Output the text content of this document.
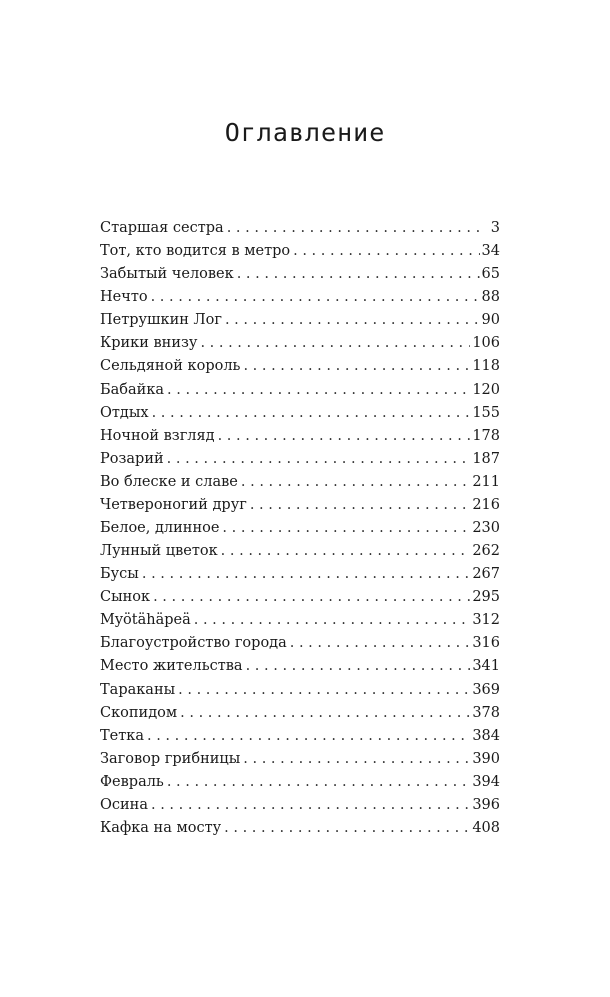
Оглавление
Старшая сестра . . .	3
Тот, кто водится в метро . . .	34
Забытый человек . . .	65
Нечто . . .	88
Петрушкин Лог . . .	90
Крики внизу . . .	106
Сельдяной король . . .	118
Бабайка . . .	120
Отдых . . .	155
Ночной взгляд . . .	178
Розарий . . .	187
Во блеске и славе . . .	211
Четвероногий друг . . .	216
Белое, длинное . . .	230
Лунный цветок . . .	262
Бусы . . .	267
Сынок . . .	295
Myötähäpeä . . .	312
Благоустройство города . . .	316
Место жительства . . .	341
Тараканы . . .	369
Скопидом . . .	378
Тетка . . .	384
Заговор грибницы . . .	390
Февраль . . .	394
Осина . . .	396
Кафка на мосту . . .	408
